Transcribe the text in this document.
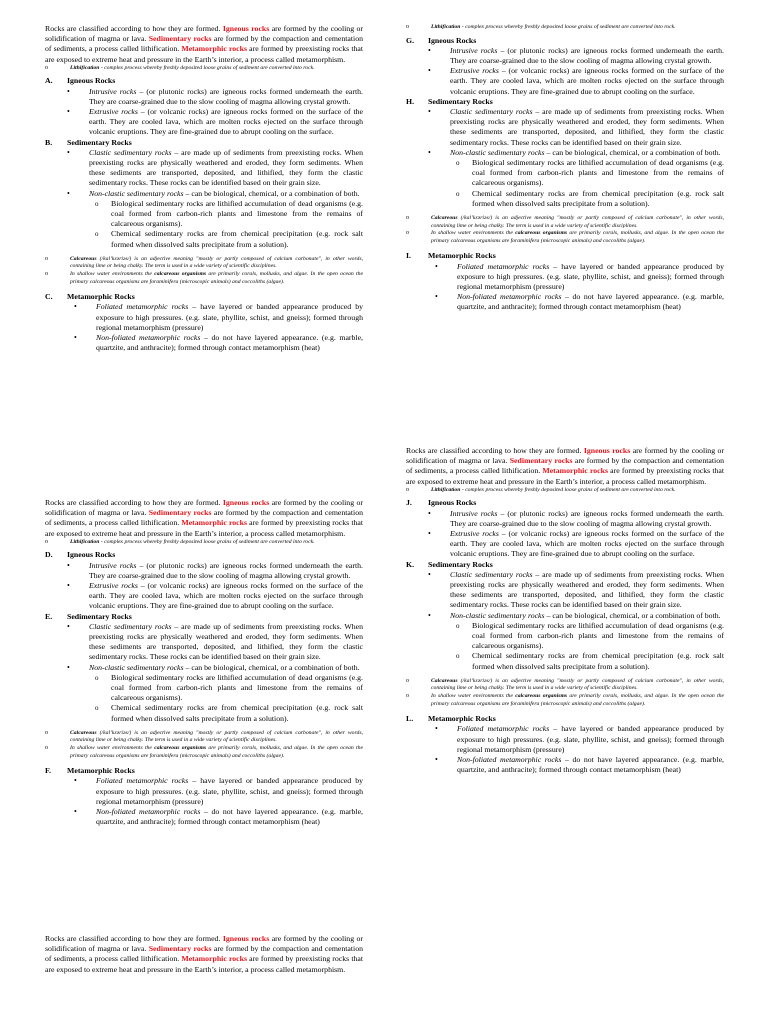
Rocks are classified according to how they are formed. Igneous rocks are formed by the cooling or solidification of magma or lava. Sedimentary rocks are formed by the compaction and cementation of sediments, a process called lithification. Metamorphic rocks are formed by preexisting rocks that are exposed to extreme heat and pressure in the Earth’s interior, a process called metamorphism.

o	Lithification - complex process whereby freshly deposited loose grains of sediment are converted into rock.

A. Igneous Rocks

• Intrusive rocks – (or plutonic rocks) are igneous rocks formed underneath the earth. They are coarse-grained due to the slow cooling of magma allowing crystal growth.

• Extrusive rocks – (or volcanic rocks) are igneous rocks formed on the surface of the earth. They are cooled lava, which are molten rocks ejected on the surface through volcanic eruptions. They are fine-grained due to abrupt cooling on the surface.

B. Sedimentary Rocks

• Clastic sedimentary rocks – are made up of sediments from preexisting rocks. When preexisting rocks are physically weathered and eroded, they form sediments. When these sediments are transported, deposited, and lithified, they form the clastic sedimentary rocks. These rocks can be identified based on their grain size.

• Non-clastic sedimentary rocks – can be biological, chemical, or a combination of both.

o Biological sedimentary rocks are lithified accumulation of dead organisms (e.g. coal formed from carbon-rich plants and limestone from the remains of calcareous organisms).

o Chemical sedimentary rocks are from chemical precipitation (e.g. rock salt formed when dissolved salts precipitate from a solution).

o	Calcareous (/kal’kɛəriəs/) is an adjective meaning "mostly or partly composed of calcium carbonate", in other words, containing lime or being chalky. The term is used in a wide variety of scientific disciplines.

o	In shallow water environments the calcareous organisms are primarily corals, mollusks, and algae. In the open ocean the primary calcareous organisms are foraminifera (microscopic animals) and coccoliths (algae).

C. Metamorphic Rocks

• Foliated metamorphic rocks – have layered or banded appearance produced by exposure to high pressures. (e.g. slate, phyllite, schist, and gneiss); formed through regional metamorphism (pressure)

• Non-foliated metamorphic rocks – do not have layered appearance. (e.g. marble, quartzite, and anthracite); formed through contact metamorphism (heat)

Rocks are classified according to how they are formed. Igneous rocks are formed by the cooling or solidification of magma or lava. Sedimentary rocks are formed by the compaction and cementation of sediments, a process called lithification. Metamorphic rocks are formed by preexisting rocks that are exposed to extreme heat and pressure in the Earth’s interior, a process called metamorphism.

o	Lithification - complex process whereby freshly deposited loose grains of sediment are converted into rock.

D. Igneous Rocks

• Intrusive rocks – (or plutonic rocks) are igneous rocks formed underneath the earth. They are coarse-grained due to the slow cooling of magma allowing crystal growth.

• Extrusive rocks – (or volcanic rocks) are igneous rocks formed on the surface of the earth. They are cooled lava, which are molten rocks ejected on the surface through volcanic eruptions. They are fine-grained due to abrupt cooling on the surface.

E. Sedimentary Rocks

• Clastic sedimentary rocks – are made up of sediments from preexisting rocks. When preexisting rocks are physically weathered and eroded, they form sediments. When these sediments are transported, deposited, and lithified, they form the clastic sedimentary rocks. These rocks can be identified based on their grain size.

• Non-clastic sedimentary rocks – can be biological, chemical, or a combination of both.

o Biological sedimentary rocks are lithified accumulation of dead organisms (e.g. coal formed from carbon-rich plants and limestone from the remains of calcareous organisms).

o Chemical sedimentary rocks are from chemical precipitation (e.g. rock salt formed when dissolved salts precipitate from a solution).

o	Calcareous (/kal’kɛəriəs/) is an adjective meaning "mostly or partly composed of calcium carbonate", in other words, containing lime or being chalky. The term is used in a wide variety of scientific disciplines.

o	In shallow water environments the calcareous organisms are primarily corals, mollusks, and algae. In the open ocean the primary calcareous organisms are foraminifera (microscopic animals) and coccoliths (algae).

F. Metamorphic Rocks

• Foliated metamorphic rocks – have layered or banded appearance produced by exposure to high pressures. (e.g. slate, phyllite, schist, and gneiss); formed through regional metamorphism (pressure)

• Non-foliated metamorphic rocks – do not have layered appearance. (e.g. marble, quartzite, and anthracite); formed through contact metamorphism (heat)

Rocks are classified according to how they are formed. Igneous rocks are formed by the cooling or solidification of magma or lava. Sedimentary rocks are formed by the compaction and cementation of sediments, a process called lithification. Metamorphic rocks are formed by preexisting rocks that are exposed to extreme heat and pressure in the Earth’s interior, a process called metamorphism.

o	Lithification - complex process whereby freshly deposited loose grains of sediment are converted into rock.

G. Igneous Rocks

• Intrusive rocks – (or plutonic rocks) are igneous rocks formed underneath the earth. They are coarse-grained due to the slow cooling of magma allowing crystal growth.

• Extrusive rocks – (or volcanic rocks) are igneous rocks formed on the surface of the earth. They are cooled lava, which are molten rocks ejected on the surface through volcanic eruptions. They are fine-grained due to abrupt cooling on the surface.

H. Sedimentary Rocks

• Clastic sedimentary rocks – are made up of sediments from preexisting rocks. When preexisting rocks are physically weathered and eroded, they form sediments. When these sediments are transported, deposited, and lithified, they form the clastic sedimentary rocks. These rocks can be identified based on their grain size.

• Non-clastic sedimentary rocks – can be biological, chemical, or a combination of both.

o Biological sedimentary rocks are lithified accumulation of dead organisms (e.g. coal formed from carbon-rich plants and limestone from the remains of calcareous organisms).

o Chemical sedimentary rocks are from chemical precipitation (e.g. rock salt formed when dissolved salts precipitate from a solution).

o	Calcareous (/kal’kɛəriəs/) is an adjective meaning "mostly or partly composed of calcium carbonate", in other words, containing lime or being chalky. The term is used in a wide variety of scientific disciplines.

o	In shallow water environments the calcareous organisms are primarily corals, mollusks, and algae. In the open ocean the primary calcareous organisms are foraminifera (microscopic animals) and coccoliths (algae).

I. Metamorphic Rocks

• Foliated metamorphic rocks – have layered or banded appearance produced by exposure to high pressures. (e.g. slate, phyllite, schist, and gneiss); formed through regional metamorphism (pressure)

• Non-foliated metamorphic rocks – do not have layered appearance. (e.g. marble, quartzite, and anthracite); formed through contact metamorphism (heat)

Rocks are classified according to how they are formed. Igneous rocks are formed by the cooling or solidification of magma or lava. Sedimentary rocks are formed by the compaction and cementation of sediments, a process called lithification. Metamorphic rocks are formed by preexisting rocks that are exposed to extreme heat and pressure in the Earth’s interior, a process called metamorphism.

o	Lithification - complex process whereby freshly deposited loose grains of sediment are converted into rock.

J. Igneous Rocks

• Intrusive rocks – (or plutonic rocks) are igneous rocks formed underneath the earth. They are coarse-grained due to the slow cooling of magma allowing crystal growth.

• Extrusive rocks – (or volcanic rocks) are igneous rocks formed on the surface of the earth. They are cooled lava, which are molten rocks ejected on the surface through volcanic eruptions. They are fine-grained due to abrupt cooling on the surface.

K. Sedimentary Rocks

• Clastic sedimentary rocks – are made up of sediments from preexisting rocks. When preexisting rocks are physically weathered and eroded, they form sediments. When these sediments are transported, deposited, and lithified, they form the clastic sedimentary rocks. These rocks can be identified based on their grain size.

• Non-clastic sedimentary rocks – can be biological, chemical, or a combination of both.

o Biological sedimentary rocks are lithified accumulation of dead organisms (e.g. coal formed from carbon-rich plants and limestone from the remains of calcareous organisms).

o Chemical sedimentary rocks are from chemical precipitation (e.g. rock salt formed when dissolved salts precipitate from a solution).

o	Calcareous (/kal’kɛəriəs/) is an adjective meaning "mostly or partly composed of calcium carbonate", in other words, containing lime or being chalky. The term is used in a wide variety of scientific disciplines.

o	In shallow water environments the calcareous organisms are primarily corals, mollusks, and algae. In the open ocean the primary calcareous organisms are foraminifera (microscopic animals) and coccoliths (algae).

L. Metamorphic Rocks

• Foliated metamorphic rocks – have layered or banded appearance produced by exposure to high pressures. (e.g. slate, phyllite, schist, and gneiss); formed through regional metamorphism (pressure)

• Non-foliated metamorphic rocks – do not have layered appearance. (e.g. marble, quartzite, and anthracite); formed through contact metamorphism (heat)
